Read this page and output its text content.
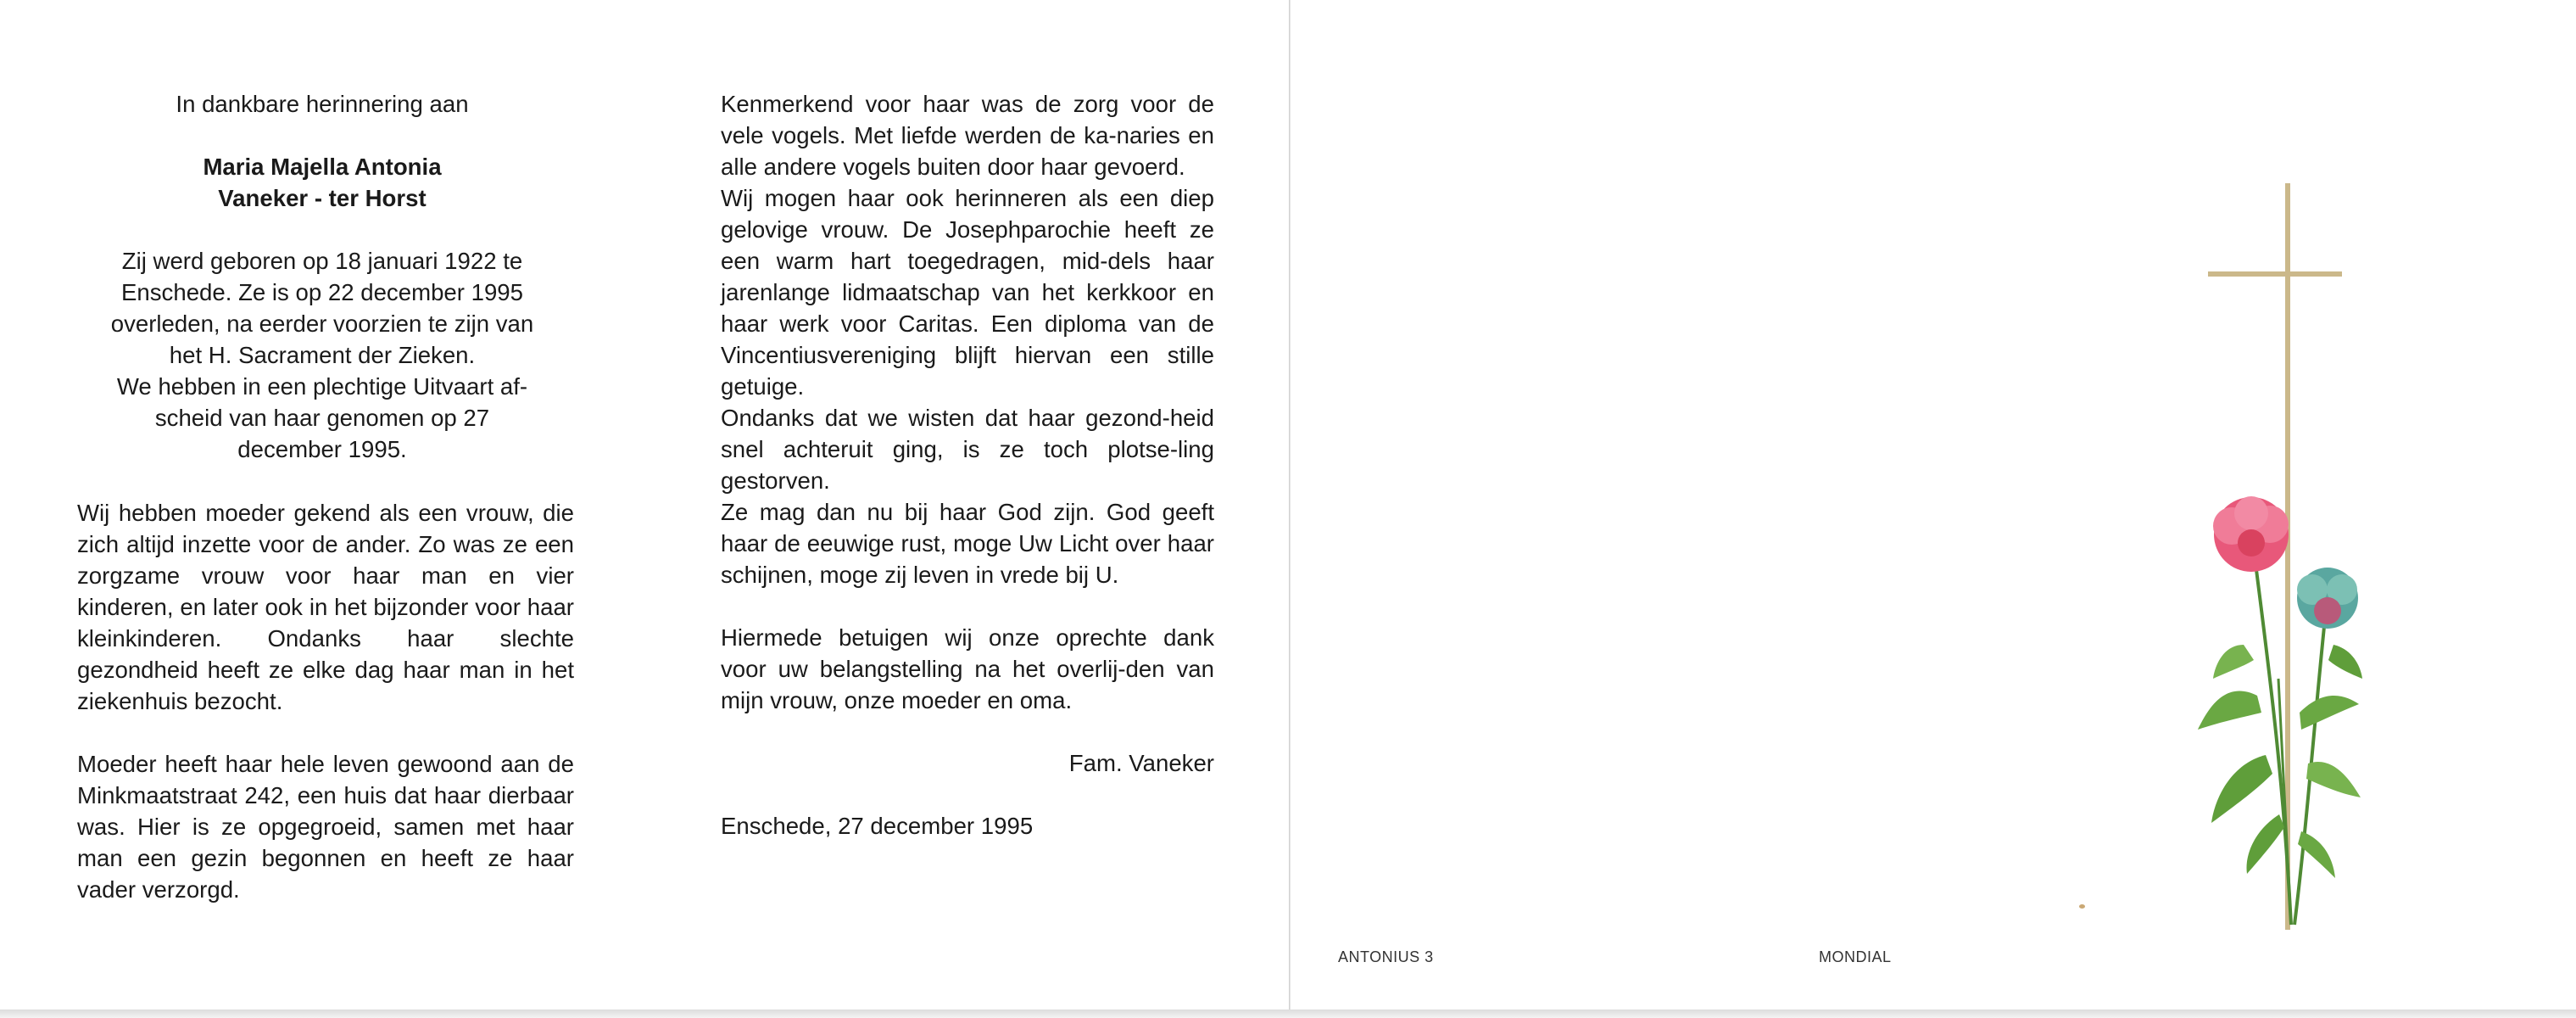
In dankbare herinnering aan
Maria Majella Antonia
Vaneker - ter Horst
Zij werd geboren op 18 januari 1922 te
Enschede. Ze is op 22 december 1995
overleden, na eerder voorzien te zijn van
het H. Sacrament der Zieken.
We hebben in een plechtige Uitvaart af-
scheid van haar genomen op 27
december 1995.

Wij hebben moeder gekend als een vrouw, die zich altijd inzette voor de ander. Zo was ze een zorgzame vrouw voor haar man en vier kinderen, en later ook in het bijzonder voor haar kleinkinderen. Ondanks haar slechte gezondheid heeft ze elke dag haar man in het ziekenhuis bezocht.

Moeder heeft haar hele leven gewoond aan de Minkmaatstraat 242, een huis dat haar dierbaar was. Hier is ze opgegroeid, samen met haar man een gezin begonnen en heeft ze haar vader verzorgd.

Kenmerkend voor haar was de zorg voor de vele vogels. Met liefde werden de ka-naries en alle andere vogels buiten door haar gevoerd.

Wij mogen haar ook herinneren als een diep gelovige vrouw. De Josephparochie heeft ze een warm hart toegedragen, mid-dels haar jarenlange lidmaatschap van het kerkkoor en haar werk voor Caritas. Een diploma van de Vincentiusvereniging blijft hiervan een stille getuige.

Ondanks dat we wisten dat haar gezond-heid snel achteruit ging, is ze toch plotse-ling gestorven.

Ze mag dan nu bij haar God zijn. God geeft haar de eeuwige rust, moge Uw Licht over haar schijnen, moge zij leven in vrede bij U.

Hiermede betuigen wij onze oprechte dank voor uw belangstelling na het overlij-den van mijn vrouw, onze moeder en oma.

Fam. Vaneker
Enschede, 27 december 1995
ANTONIUS 3	MONDIAL
